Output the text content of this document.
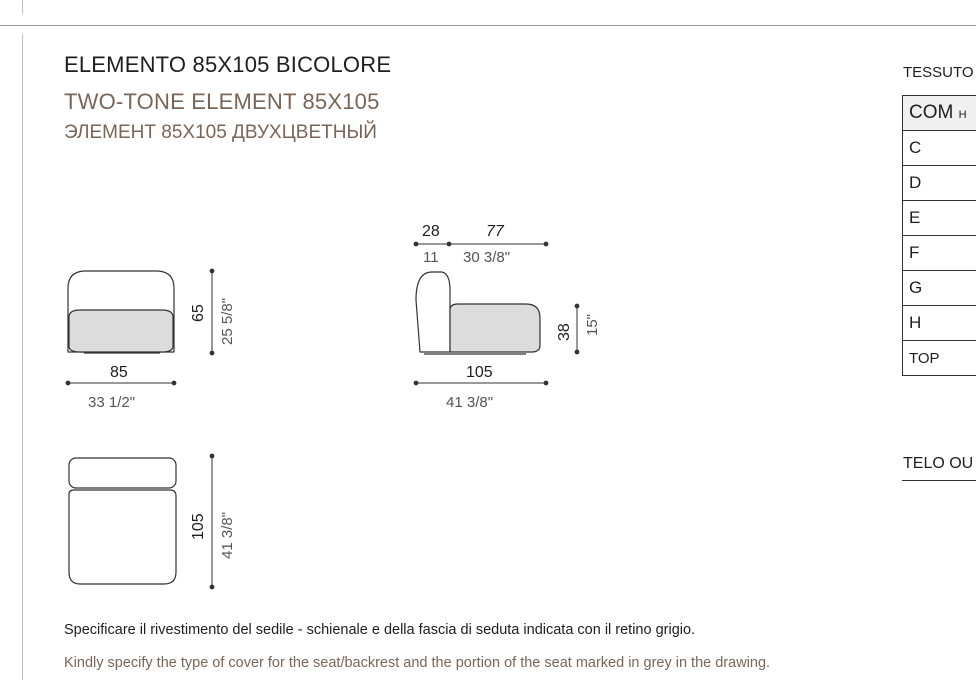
ELEMENTO 85X105 BICOLORE
TWO-TONE ELEMENT 85X105
ЭЛЕМЕНТ 85X105 ДВУХЦВЕТНЫЙ
85
33 1/2"
65 25 5/8"
28	77
11 30 3/8"
38 15"
105
41 3/8"
105 41 3/8"
Specificare il rivestimento del sedile - schienale e della fascia di seduta indicata con il retino grigio.
Kindly specify the type of cover for the seat/backrest and the portion of the seat marked in grey in the drawing.
TESSUTO
COM H
C
D
E
F
G
H
TOP
TELO OU
